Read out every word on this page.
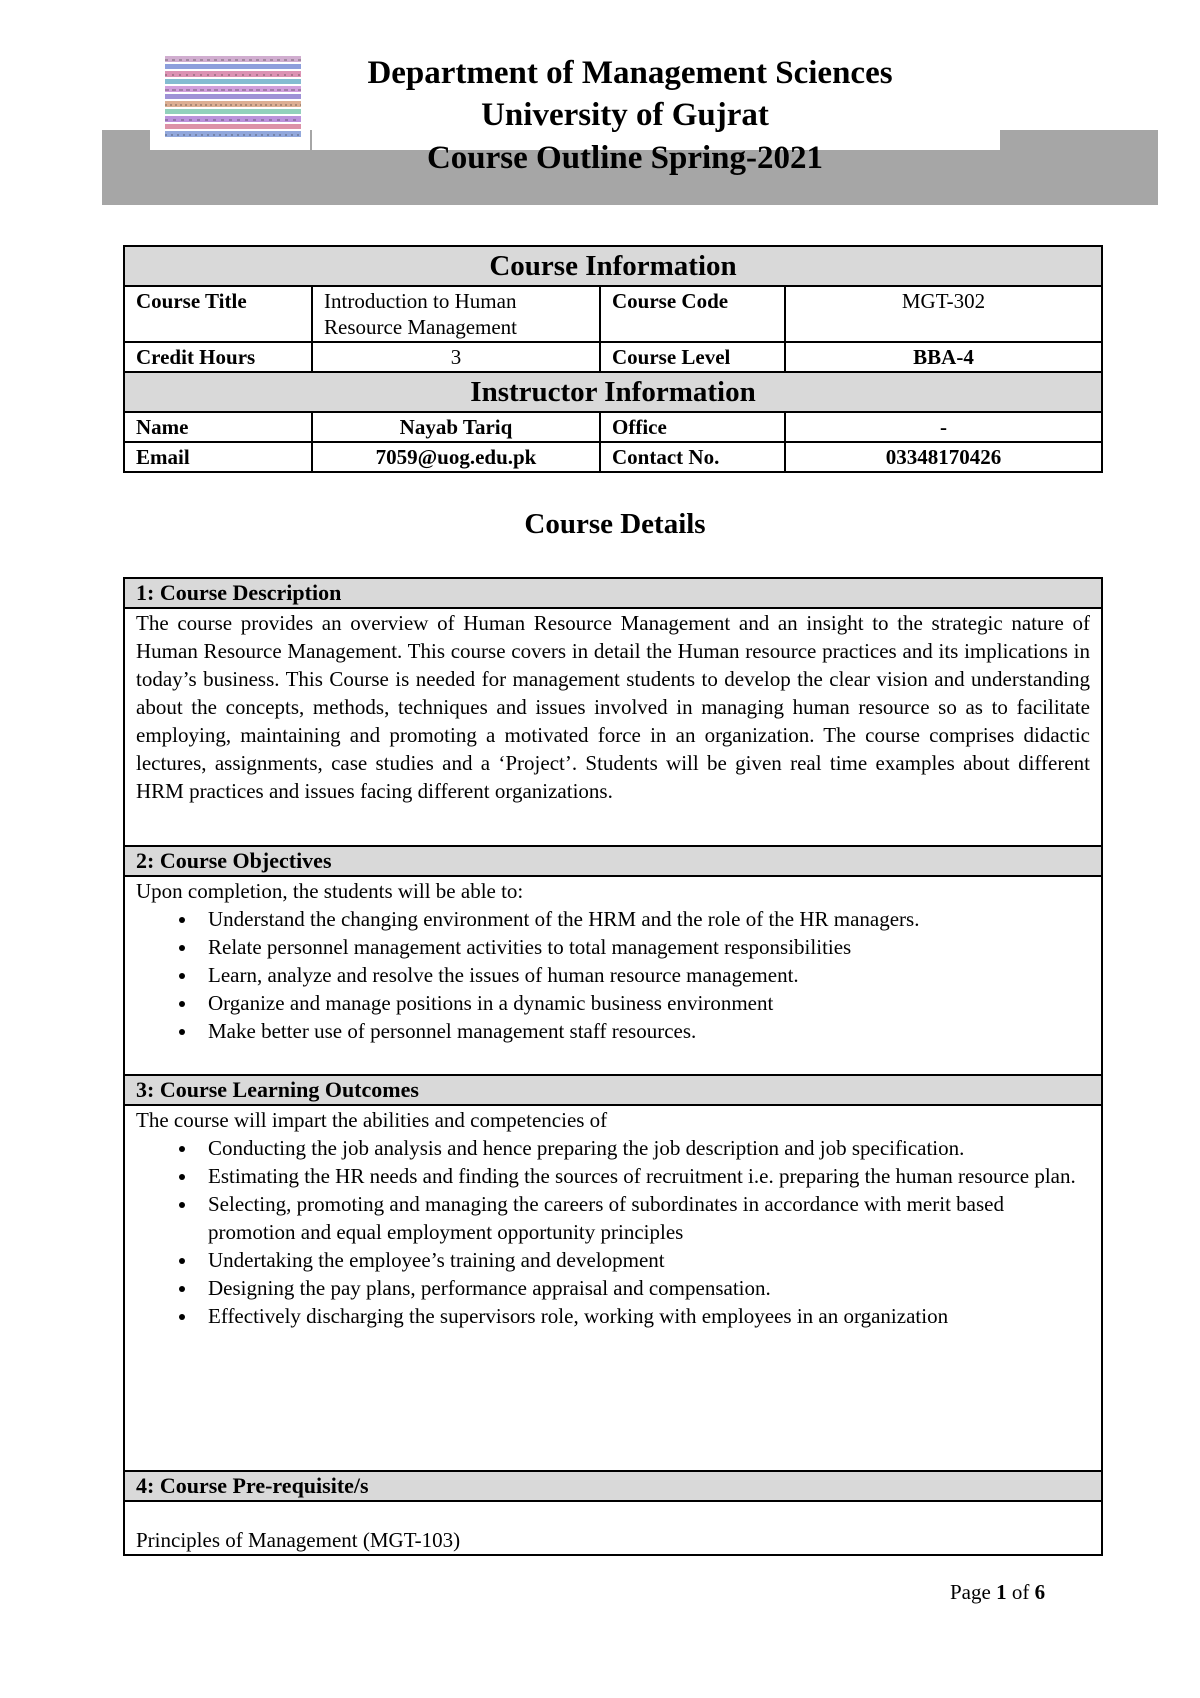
Department of Management Sciences
University of Gujrat
Course Outline Spring-2021
Course Information			
Course Title	Introduction to Human Resource Management	Course Code	MGT-302
Credit Hours	3	Course Level	BBA-4
Instructor Information			
Name	Nayab Tariq	Office	-
Email	7059@uog.edu.pk	Contact No.	03348170426
Course Details
1: Course Description
The course provides an overview of Human Resource Management and an insight to the strategic nature of Human Resource Management. This course covers in detail the Human resource practices and its implications in today’s business. This Course is needed for management students to develop the clear vision and understanding about the concepts, methods, techniques and issues involved in managing human resource so as to facilitate employing, maintaining and promoting a motivated force in an organization. The course comprises didactic lectures, assignments, case studies and a ‘Project’. Students will be given real time examples about different HRM practices and issues facing different organizations.
2: Course Objectives

Upon completion, the students will be able to:
• Understand the changing environment of the HRM and the role of the HR managers.
• Relate personnel management activities to total management responsibilities
• Learn, analyze and resolve the issues of human resource management.
• Organize and manage positions in a dynamic business environment
• Make better use of personnel management staff resources.

3: Course Learning Outcomes

The course will impart the abilities and competencies of
• Conducting the job analysis and hence preparing the job description and job specification.
• Estimating the HR needs and finding the sources of recruitment i.e. preparing the human resource plan.
• Selecting, promoting and managing the careers of subordinates in accordance with merit based promotion and equal employment opportunity principles
• Undertaking the employee’s training and development
• Designing the pay plans, performance appraisal and compensation.
• Effectively discharging the supervisors role, working with employees in an organization

4: Course Pre-requisite/s
Principles of Management (MGT-103)
Page 1 of 6
